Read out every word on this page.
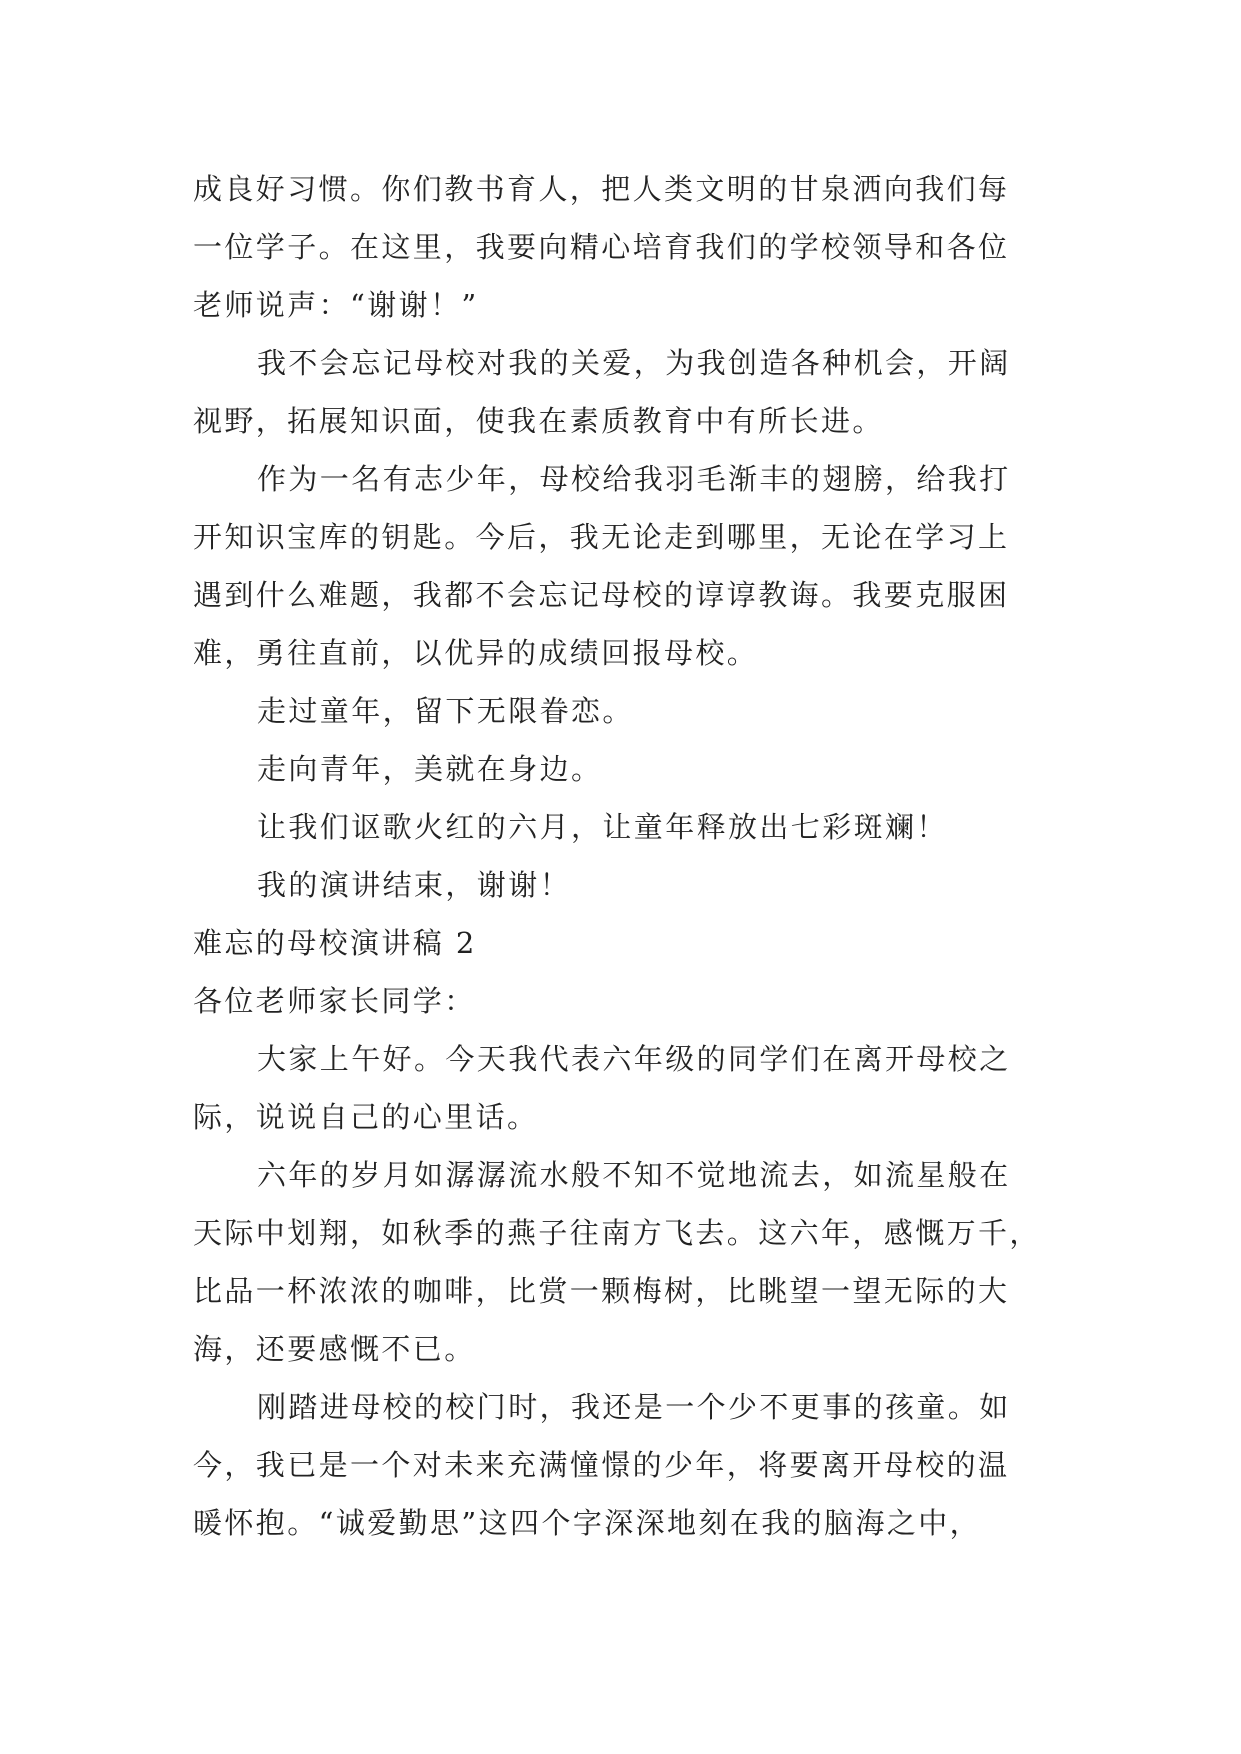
成良好习惯。你们教书育人，把人类文明的甘泉洒向我们每
一位学子。在这里，我要向精心培育我们的学校领导和各位
老师说声：“谢谢！”
我不会忘记母校对我的关爱，为我创造各种机会，开阔
视野，拓展知识面，使我在素质教育中有所长进。
作为一名有志少年，母校给我羽毛渐丰的翅膀，给我打
开知识宝库的钥匙。今后，我无论走到哪里，无论在学习上
遇到什么难题，我都不会忘记母校的谆谆教诲。我要克服困
难，勇往直前，以优异的成绩回报母校。
走过童年，留下无限眷恋。
走向青年，美就在身边。
让我们讴歌火红的六月，让童年释放出七彩斑斓！
我的演讲结束，谢谢！
难忘的母校演讲稿 2
各位老师家长同学：
大家上午好。今天我代表六年级的同学们在离开母校之
际，说说自己的心里话。
六年的岁月如潺潺流水般不知不觉地流去，如流星般在
天际中划翔，如秋季的燕子往南方飞去。这六年，感慨万千，
比品一杯浓浓的咖啡，比赏一颗梅树，比眺望一望无际的大
海，还要感慨不已。
刚踏进母校的校门时，我还是一个少不更事的孩童。如
今，我已是一个对未来充满憧憬的少年，将要离开母校的温
暖怀抱。“诚爱勤思”这四个字深深地刻在我的脑海之中，
